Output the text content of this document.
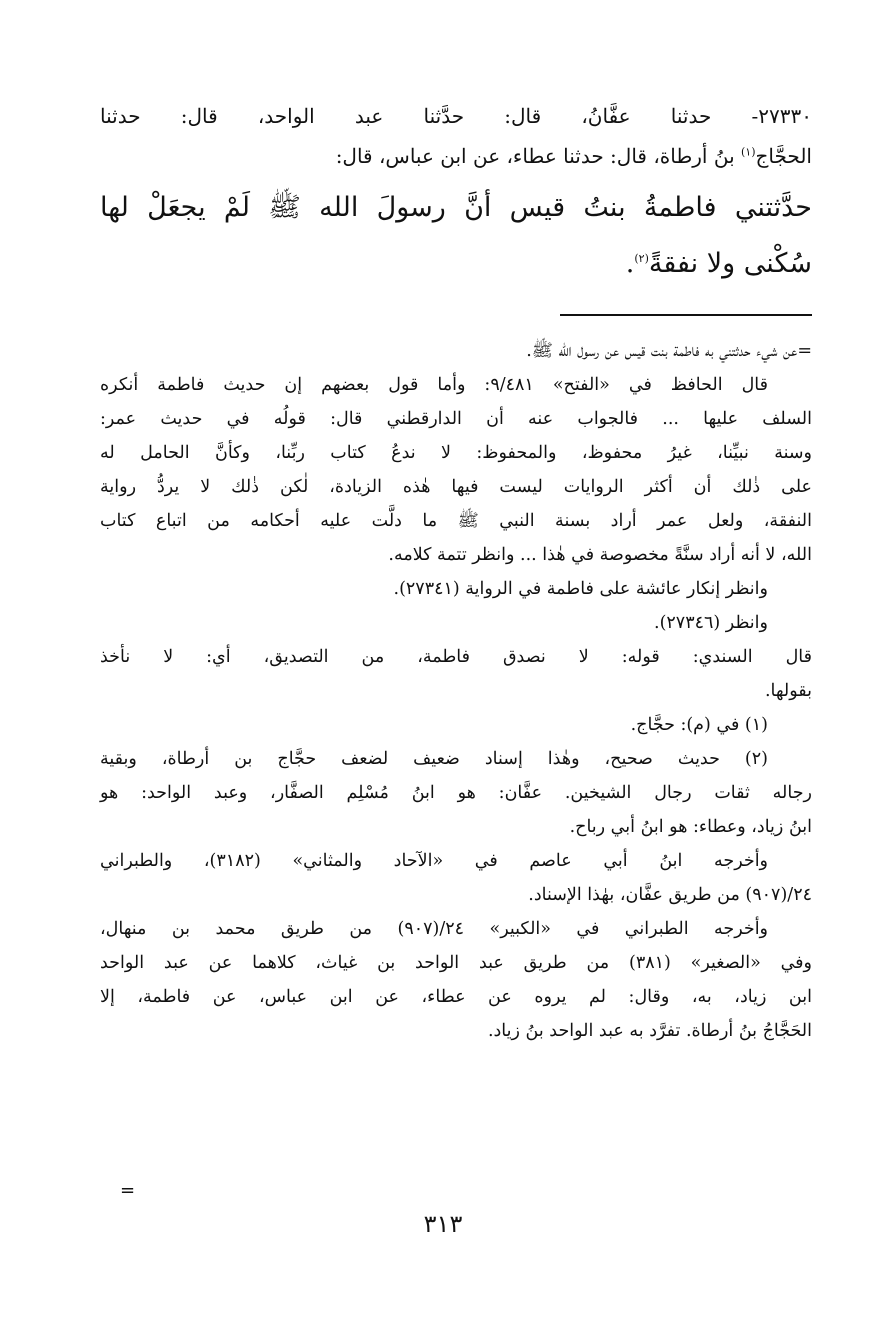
٢٧٣٣٠- حدثنا عفَّانُ، قال: حدَّثنا عبد الواحد، قال: حدثنا
الحجَّاج$^{(١)}$ بنُ أرطاة، قال: حدثنا عطاء، عن ابن عباس، قال:
حدَّثتني فاطمةُ بنتُ قيس أنَّ رسولَ الله ﷺ لَمْ يجعَلْ لها
سُكْنى ولا نفقةً$^{(٢)}$.
=عن شيء حدثتني به فاطمة بنت قيس عن رسول الله ﷺ.
قال الحافظ في «الفتح» ٩/٤٨١: وأما قول بعضهم إن حديث فاطمة أنكره
السلف عليها ... فالجواب عنه أن الدارقطني قال: قولُه في حديث عمر:
وسنة نبيِّنا، غيرُ محفوظ، والمحفوظ: لا ندعُ كتاب ربِّنا، وكأنَّ الحامل له
على ذٰلك أن أكثر الروايات ليست فيها هٰذه الزيادة، لٰكن ذٰلك لا يردُّ رواية
النفقة، ولعل عمر أراد بسنة النبي ﷺ ما دلَّت عليه أحكامه من اتباع كتاب
الله، لا أنه أراد سنَّةً مخصوصة في هٰذا ... وانظر تتمة كلامه.
وانظر إنكار عائشة على فاطمة في الرواية (٢٧٣٤١).
وانظر (٢٧٣٤٦).
قال السندي: قوله: لا نصدق فاطمة، من التصديق، أي: لا نأخذ
بقولها.
(١) في (م): حجَّاج.
(٢) حديث صحيح، وهٰذا إسناد ضعيف لضعف حجَّاج بن أرطاة، وبقية
رجاله ثقات رجال الشيخين. عفَّان: هو ابنُ مُسْلِم الصفَّار، وعبد الواحد: هو
ابنُ زياد، وعطاء: هو ابنُ أبي رباح.
وأخرجه ابنُ أبي عاصم في «الآحاد والمثاني» (٣١٨٢)، والطبراني
٢٤/(٩٠٧) من طريق عفَّان، بهٰذا الإسناد.
وأخرجه الطبراني في «الكبير» ٢٤/(٩٠٧) من طريق محمد بن منهال،
وفي «الصغير» (٣٨١) من طريق عبد الواحد بن غياث، كلاهما عن عبد الواحد
ابن زياد، به، وقال: لم يروه عن عطاء، عن ابن عباس، عن فاطمة، إلا
الحَجَّاجُ بنُ أرطاة. تفرَّد به عبد الواحد بنُ زياد.
=
٣١٣
